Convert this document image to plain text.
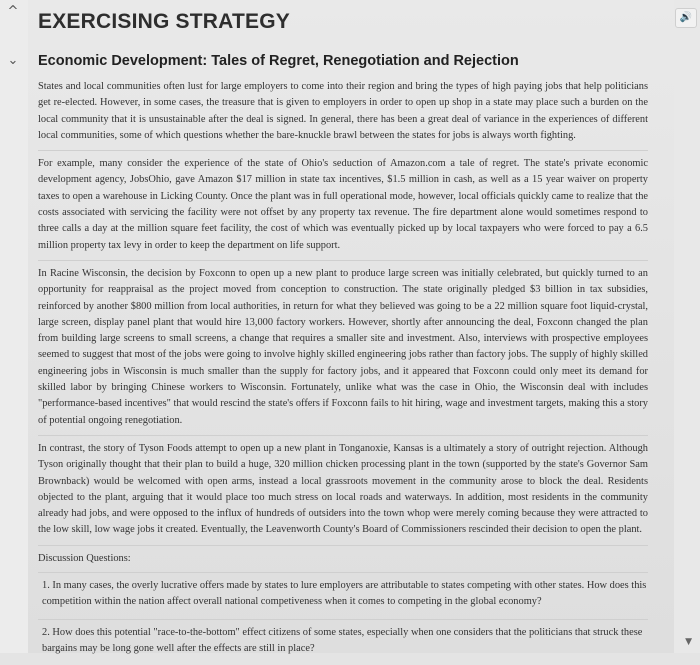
^
⌄
EXERCISING STRATEGY
Economic Development: Tales of Regret, Renegotiation and Rejection

States and local communities often lust for large employers to come into their region and bring the types of high paying jobs that help politicians get re-elected. However, in some cases, the treasure that is given to employers in order to open up shop in a state may place such a burden on the local community that it is unsustainable after the deal is signed. In general, there has been a great deal of variance in the experiences of different local communities, some of which questions whether the bare-knuckle brawl between the states for jobs is always worth fighting.

For example, many consider the experience of the state of Ohio's seduction of Amazon.com a tale of regret. The state's private economic development agency, JobsOhio, gave Amazon $17 million in state tax incentives, $1.5 million in cash, as well as a 15 year waiver on property taxes to open a warehouse in Licking County. Once the plant was in full operational mode, however, local officials quickly came to realize that the costs associated with servicing the facility were not offset by any property tax revenue. The fire department alone would sometimes respond to three calls a day at the million square feet facility, the cost of which was eventually picked up by local taxpayers who were forced to pay a 6.5 million property tax levy in order to keep the department on life support.

In Racine Wisconsin, the decision by Foxconn to open up a new plant to produce large screen was initially celebrated, but quickly turned to an opportunity for reappraisal as the project moved from conception to construction. The state originally pledged $3 billion in tax subsidies, reinforced by another $800 million from local authorities, in return for what they believed was going to be a 22 million square foot liquid-crystal, large screen, display panel plant that would hire 13,000 factory workers. However, shortly after announcing the deal, Foxconn changed the plan from building large screens to small screens, a change that requires a smaller site and investment. Also, interviews with prospective employees seemed to suggest that most of the jobs were going to involve highly skilled engineering jobs rather than factory jobs. The supply of highly skilled engineering jobs in Wisconsin is much smaller than the supply for factory jobs, and it appeared that Foxconn could only meet its demand for skilled labor by bringing Chinese workers to Wisconsin. Fortunately, unlike what was the case in Ohio, the Wisconsin deal with includes "performance-based incentives" that would rescind the state's offers if Foxconn fails to hit hiring, wage and investment targets, making this a story of potential ongoing renegotiation.

In contrast, the story of Tyson Foods attempt to open up a new plant in Tonganoxie, Kansas is a ultimately a story of outright rejection. Although Tyson originally thought that their plan to build a huge, 320 million chicken processing plant in the town (supported by the state's Governor Sam Brownback) would be welcomed with open arms, instead a local grassroots movement in the community arose to block the deal. Residents objected to the plant, arguing that it would place too much stress on local roads and waterways. In addition, most residents in the community already had jobs, and were opposed to the influx of hundreds of outsiders into the town whop were merely coming because they were attracted to the low skill, low wage jobs it created. Eventually, the Leavenworth County's Board of Commissioners rescinded their decision to open the plant.

Discussion Questions:

1. In many cases, the overly lucrative offers made by states to lure employers are attributable to states competing with other states. How does this competition within the nation affect overall national competiveness when it comes to competing in the global economy?
2. How does this potential "race-to-the-bottom" effect citizens of some states, especially when one considers that the politicians that struck these bargains may be long gone well after the effects are still in place?
🔊
▼
